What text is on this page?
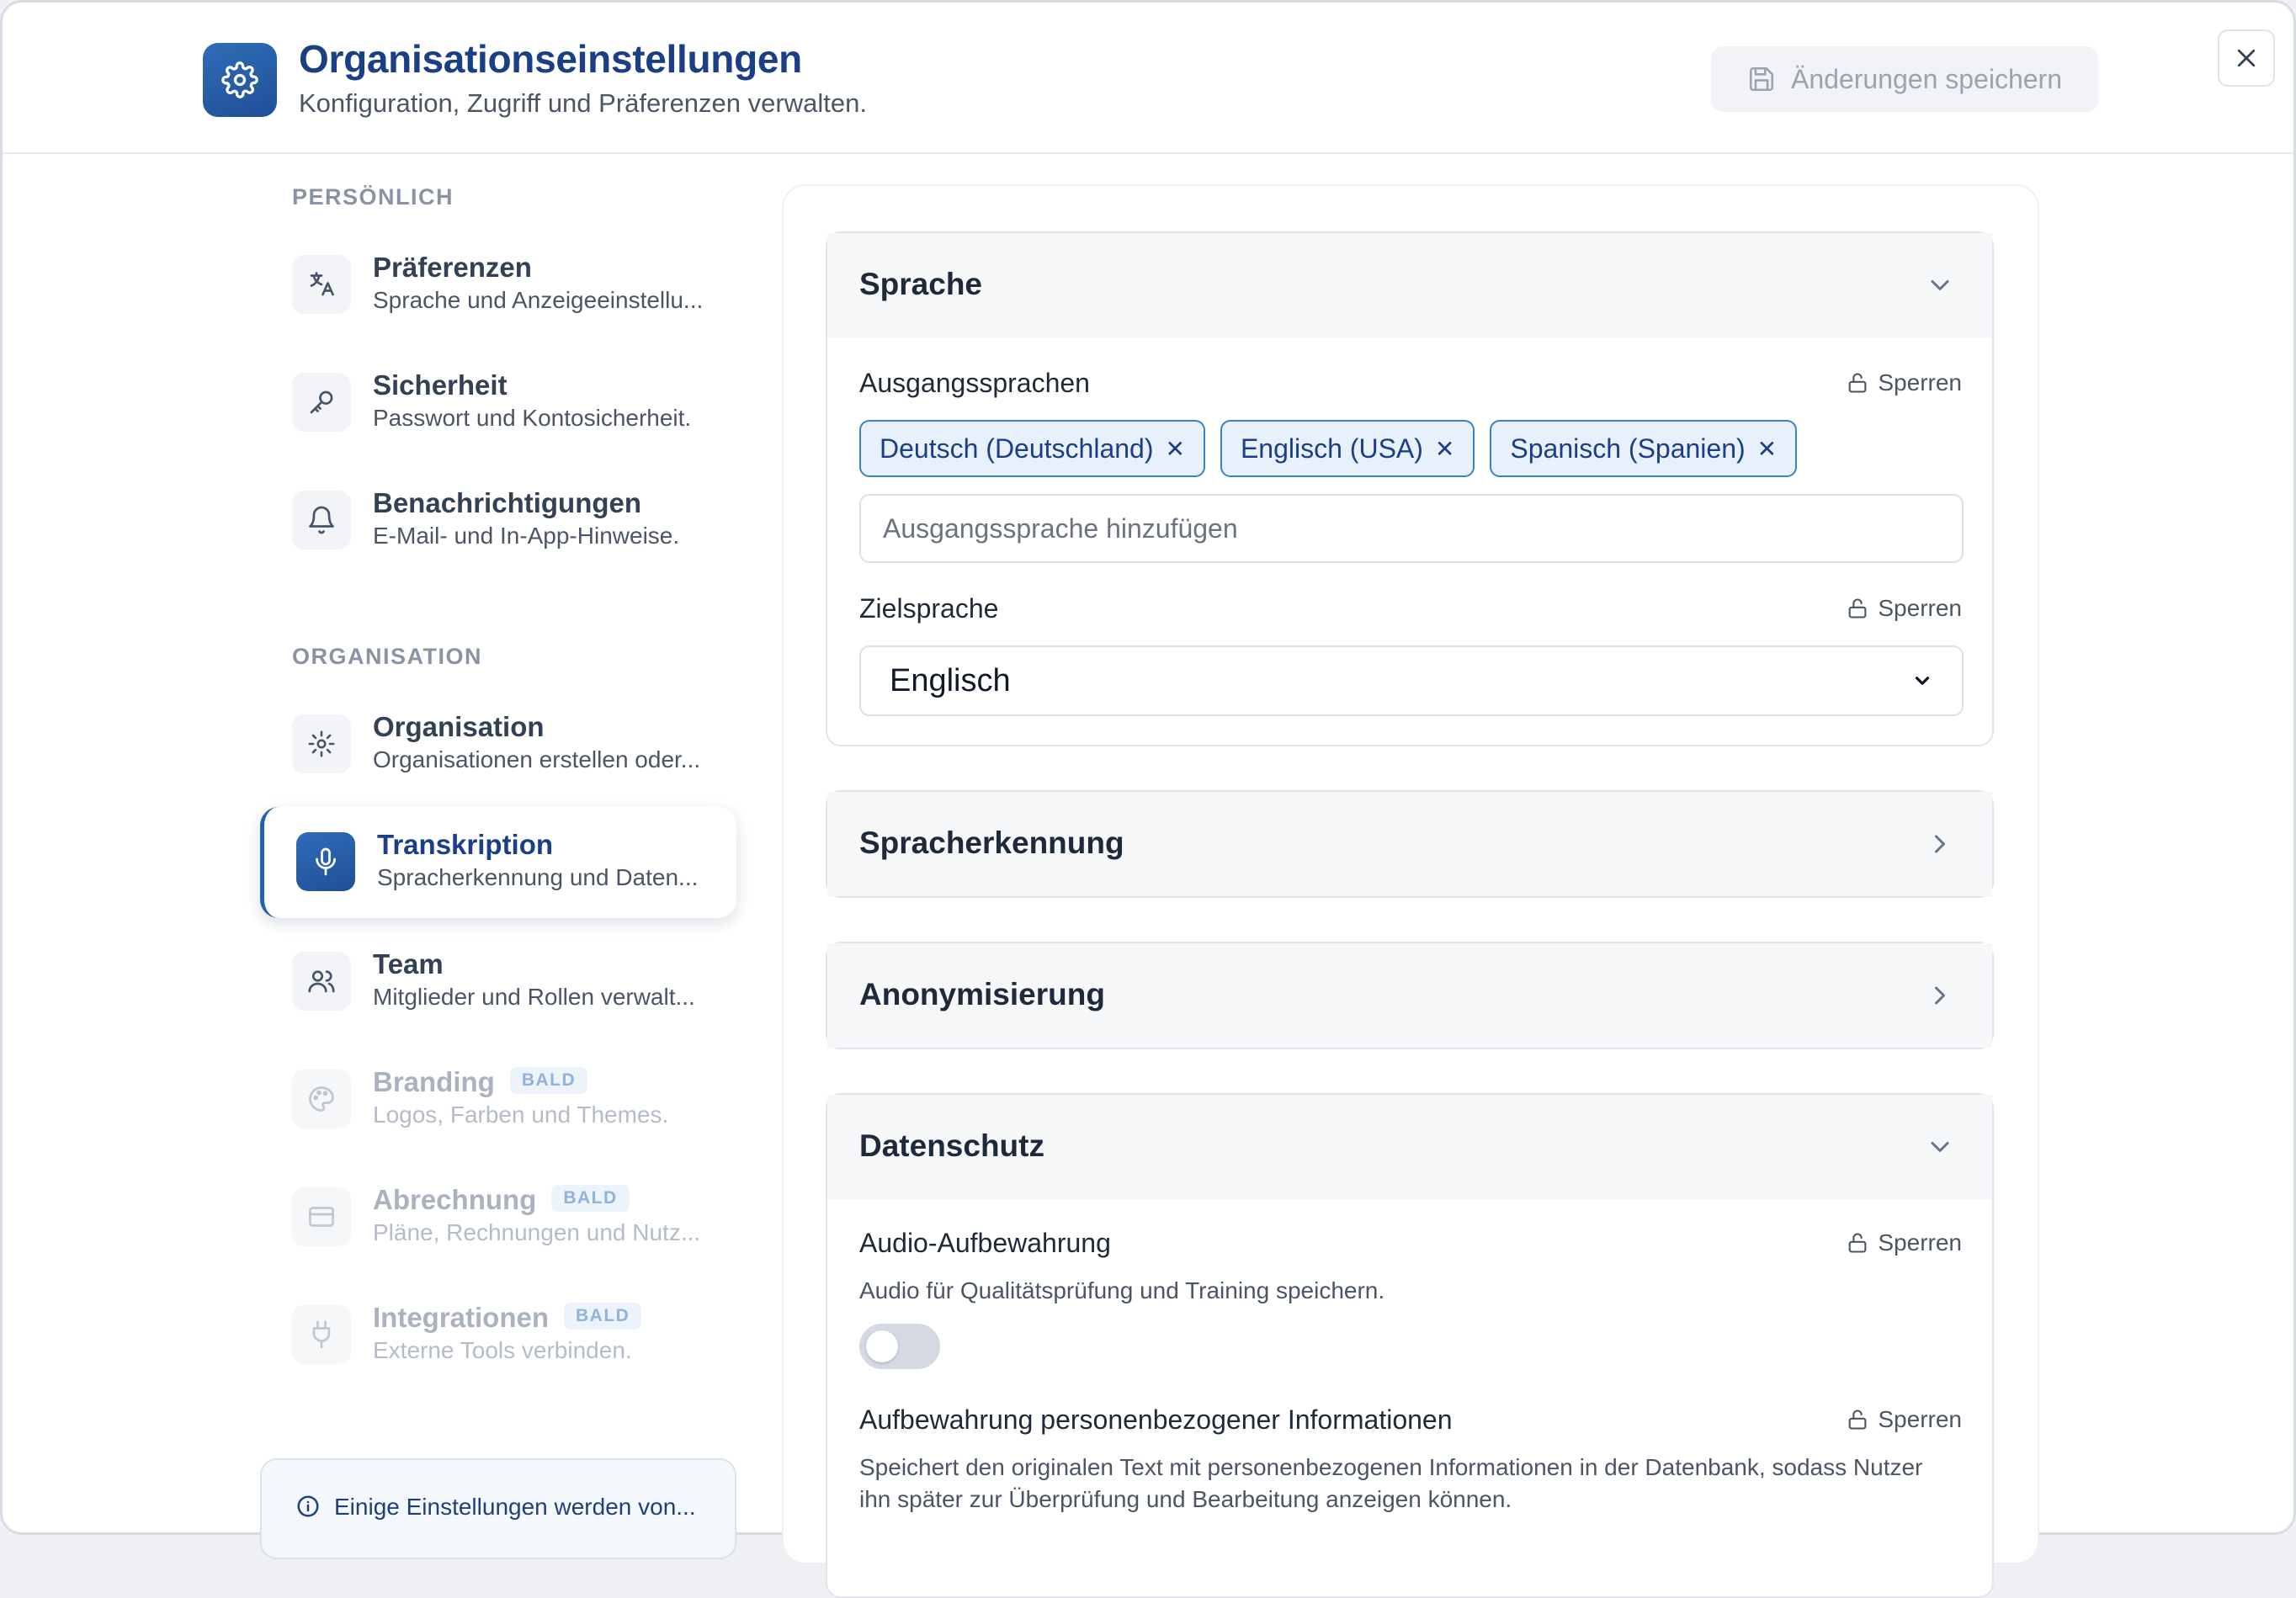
Organisationseinstellungen
Konfiguration, Zugriff und Präferenzen verwalten.
Änderungen speichern
PERSÖNLICH
Präferenzen
Sprache und Anzeigeeinstellu...
Sicherheit
Passwort und Kontosicherheit.
Benachrichtigungen
E-Mail- und In-App-Hinweise.
ORGANISATION
Organisation
Organisationen erstellen oder...
Transkription
Spracherkennung und Daten...
Team
Mitglieder und Rollen verwalt...
Branding BALD
Logos, Farben und Themes.
Abrechnung BALD
Pläne, Rechnungen und Nutz...
Integrationen BALD
Externe Tools verbinden.
Einige Einstellungen werden von...
Sprache
Ausgangssprachen	Sperren
Deutsch (Deutschland) ✕ Englisch (USA) ✕ Spanisch (Spanien) ✕
Ausgangssprache hinzufügen
Zielsprache	Sperren
Englisch
Spracherkennung
Anonymisierung
Datenschutz
Audio-Aufbewahrung	Sperren
Audio für Qualitätsprüfung und Training speichern.
Aufbewahrung personenbezogener Informationen	Sperren
Speichert den originalen Text mit personenbezogenen Informationen in der Datenbank, sodass Nutzer
ihn später zur Überprüfung und Bearbeitung anzeigen können.
